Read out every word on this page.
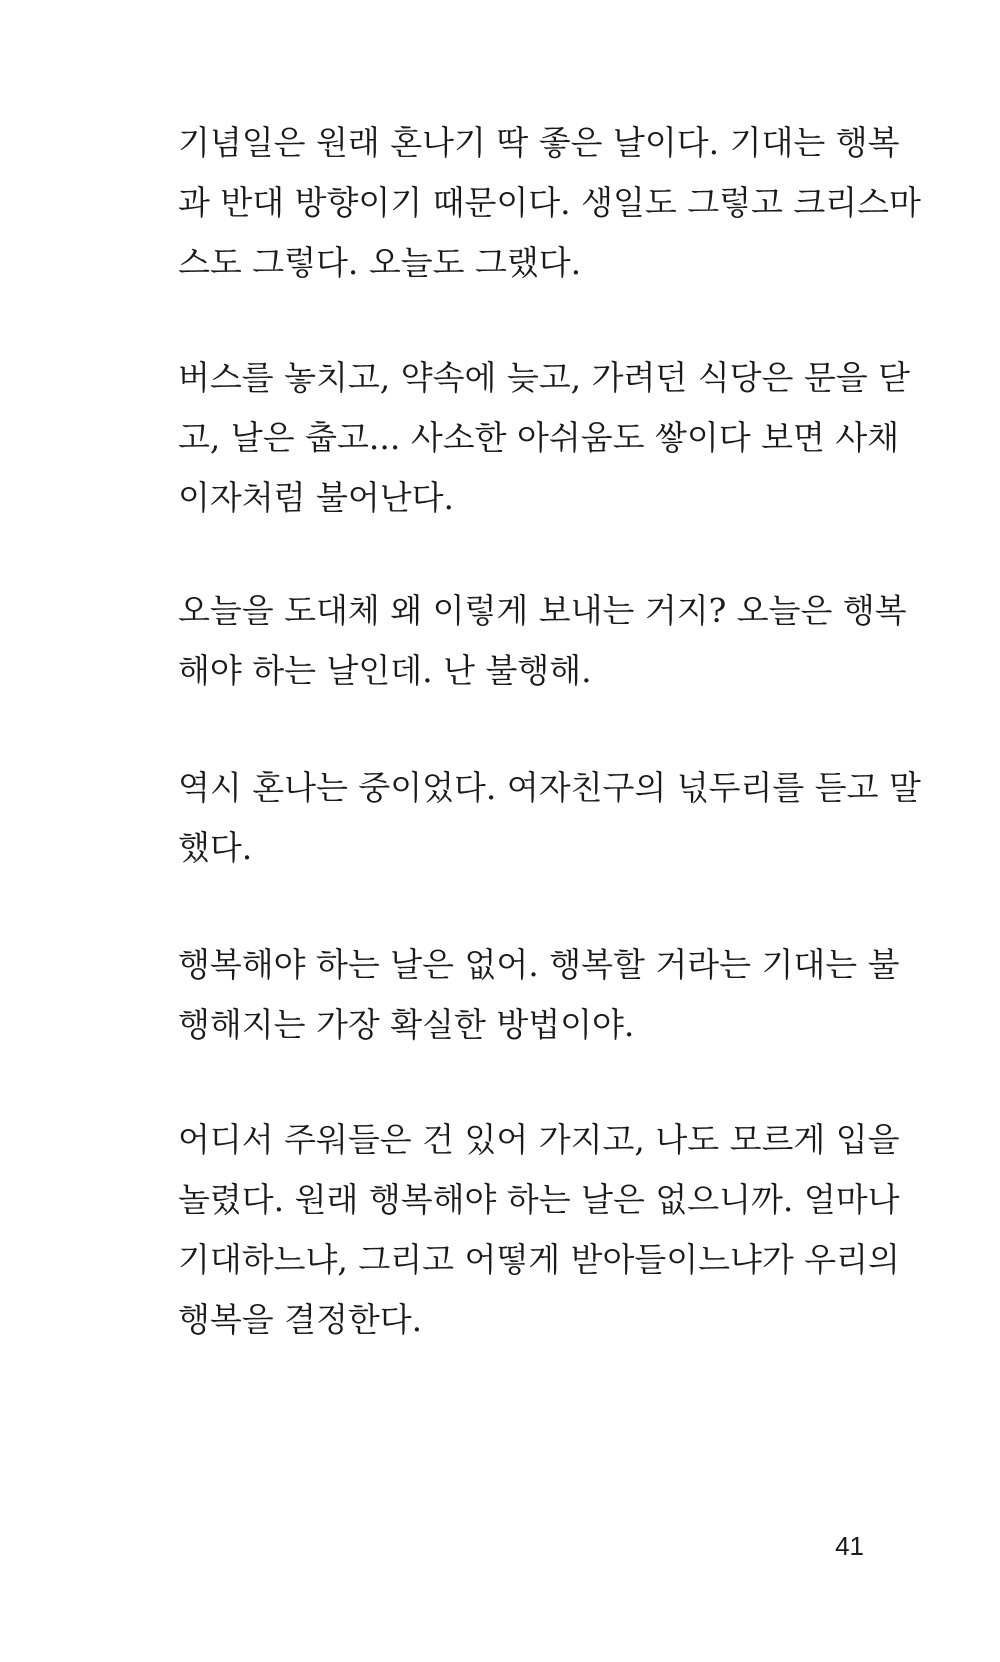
기념일은 원래 혼나기 딱 좋은 날이다. 기대는 행복
과 반대 방향이기 때문이다. 생일도 그렇고 크리스마
스도 그렇다. 오늘도 그랬다.
버스를 놓치고, 약속에 늦고, 가려던 식당은 문을 닫
고, 날은 춥고... 사소한 아쉬움도 쌓이다 보면 사채
이자처럼 불어난다.
오늘을 도대체 왜 이렇게 보내는 거지? 오늘은 행복
해야 하는 날인데. 난 불행해.
역시 혼나는 중이었다. 여자친구의 넋두리를 듣고 말
했다.
행복해야 하는 날은 없어. 행복할 거라는 기대는 불
행해지는 가장 확실한 방법이야.
어디서 주워들은 건 있어 가지고, 나도 모르게 입을
놀렸다. 원래 행복해야 하는 날은 없으니까. 얼마나
기대하느냐, 그리고 어떻게 받아들이느냐가 우리의
행복을 결정한다.
41
